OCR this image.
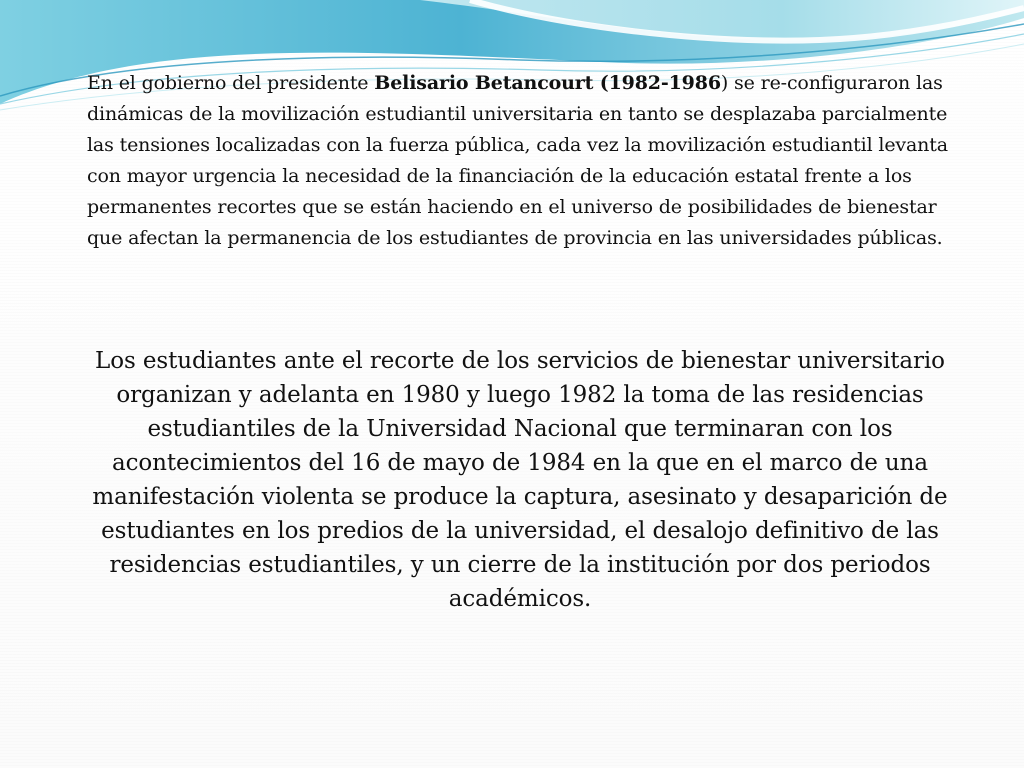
En el gobierno del presidente Belisario Betancourt (1982-1986) se re-configuraron las dinámicas de la movilización estudiantil universitaria en tanto se desplazaba parcialmente las tensiones localizadas con la fuerza pública, cada vez la movilización estudiantil levanta con mayor urgencia la necesidad de la financiación de la educación estatal frente a los permanentes recortes que se están haciendo en el universo de posibilidades de bienestar que afectan la permanencia de los estudiantes de provincia en las universidades públicas.

Los estudiantes ante el recorte de los servicios de bienestar universitario organizan y adelanta en 1980 y luego 1982 la toma de las residencias estudiantiles de la Universidad Nacional que terminaran con los acontecimientos del 16 de mayo de 1984 en la que en el marco de una manifestación violenta se produce la captura, asesinato y desaparición de estudiantes en los predios de la universidad, el desalojo definitivo de las residencias estudiantiles, y un cierre de la institución por dos periodos académicos.
